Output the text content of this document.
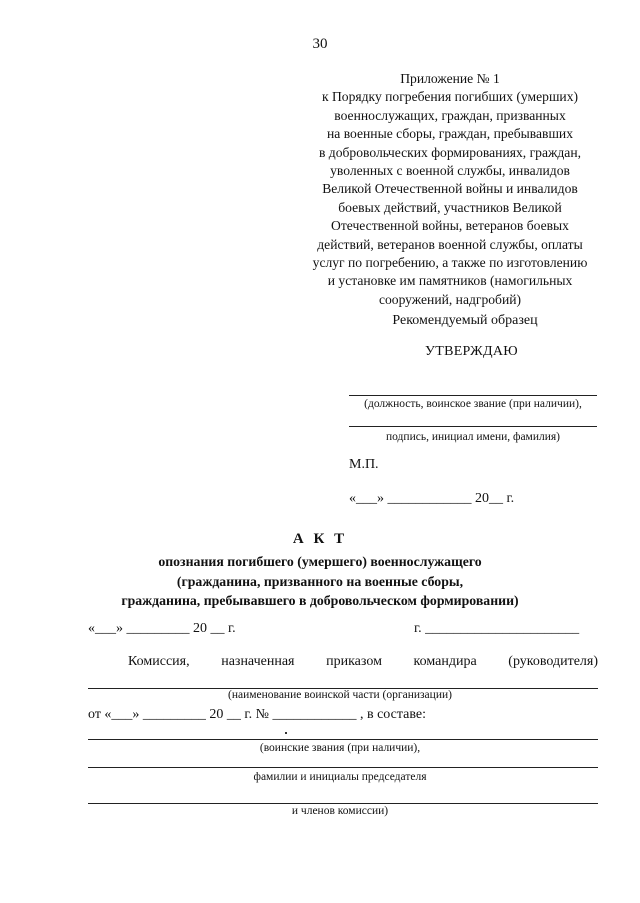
30
Приложение № 1
к Порядку погребения погибших (умерших)
военнослужащих, граждан, призванных
на военные сборы, граждан, пребывавших
в добровольческих формированиях, граждан,
уволенных с военной службы, инвалидов
Великой Отечественной войны и инвалидов
боевых действий, участников Великой
Отечественной войны, ветеранов боевых
действий, ветеранов военной службы, оплаты
услуг по погребению, а также по изготовлению
и установке им памятников (намогильных
сооружений, надгробий)
Рекомендуемый образец
УТВЕРЖДАЮ
(должность, воинское звание (при наличии),
подпись, инициал имени, фамилия)
М.П.
«___» ____________ 20__ г.
А К Т
опознания погибшего (умершего) военнослужащего
(гражданина, призванного на военные сборы,
гражданина, пребывавшего в добровольческом формировании)
«___» _________ 20 __ г.	г. ______________________
Комиссия, назначенная приказом командира (руководителя)
(наименование воинской части (организации)
от «___» _________ 20 __ г. № ____________ , в составе:
(воинские звания (при наличии),
фамилии и инициалы председателя
и членов комиссии)
